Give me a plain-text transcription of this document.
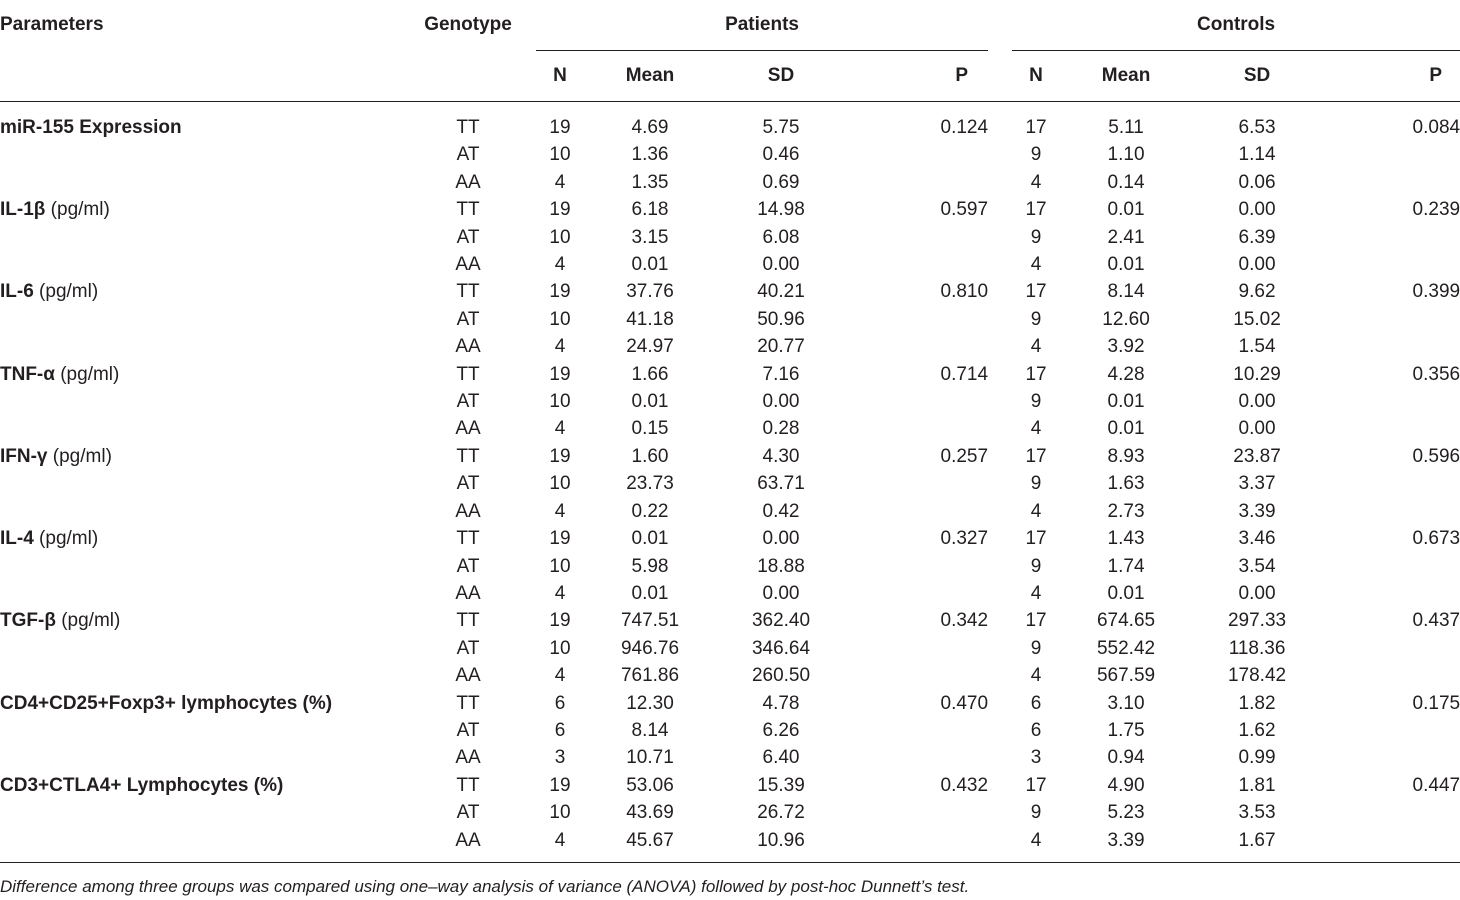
Parameters	Genotype	Patients					Controls			
		N	Mean	SD	P		N	Mean	SD	P
miR-155 Expression	TT	19	4.69	5.75	0.124		17	5.11	6.53	0.084
	AT	10	1.36	0.46			9	1.10	1.14	
	AA	4	1.35	0.69			4	0.14	0.06	
IL-1β (pg/ml)	TT	19	6.18	14.98	0.597		17	0.01	0.00	0.239
	AT	10	3.15	6.08			9	2.41	6.39	
	AA	4	0.01	0.00			4	0.01	0.00	
IL-6 (pg/ml)	TT	19	37.76	40.21	0.810		17	8.14	9.62	0.399
	AT	10	41.18	50.96			9	12.60	15.02	
	AA	4	24.97	20.77			4	3.92	1.54	
TNF-α (pg/ml)	TT	19	1.66	7.16	0.714		17	4.28	10.29	0.356
	AT	10	0.01	0.00			9	0.01	0.00	
	AA	4	0.15	0.28			4	0.01	0.00	
IFN-γ (pg/ml)	TT	19	1.60	4.30	0.257		17	8.93	23.87	0.596
	AT	10	23.73	63.71			9	1.63	3.37	
	AA	4	0.22	0.42			4	2.73	3.39	
IL-4 (pg/ml)	TT	19	0.01	0.00	0.327		17	1.43	3.46	0.673
	AT	10	5.98	18.88			9	1.74	3.54	
	AA	4	0.01	0.00			4	0.01	0.00	
TGF-β (pg/ml)	TT	19	747.51	362.40	0.342		17	674.65	297.33	0.437
	AT	10	946.76	346.64			9	552.42	118.36	
	AA	4	761.86	260.50			4	567.59	178.42	
CD4+CD25+Foxp3+ lymphocytes (%)	TT	6	12.30	4.78	0.470		6	3.10	1.82	0.175
	AT	6	8.14	6.26			6	1.75	1.62	
	AA	3	10.71	6.40			3	0.94	0.99	
CD3+CTLA4+ Lymphocytes (%)	TT	19	53.06	15.39	0.432		17	4.90	1.81	0.447
	AT	10	43.69	26.72			9	5.23	3.53	
	AA	4	45.67	10.96			4	3.39	1.67	
Difference among three groups was compared using one–way analysis of variance (ANOVA) followed by post-hoc Dunnett’s test.										
